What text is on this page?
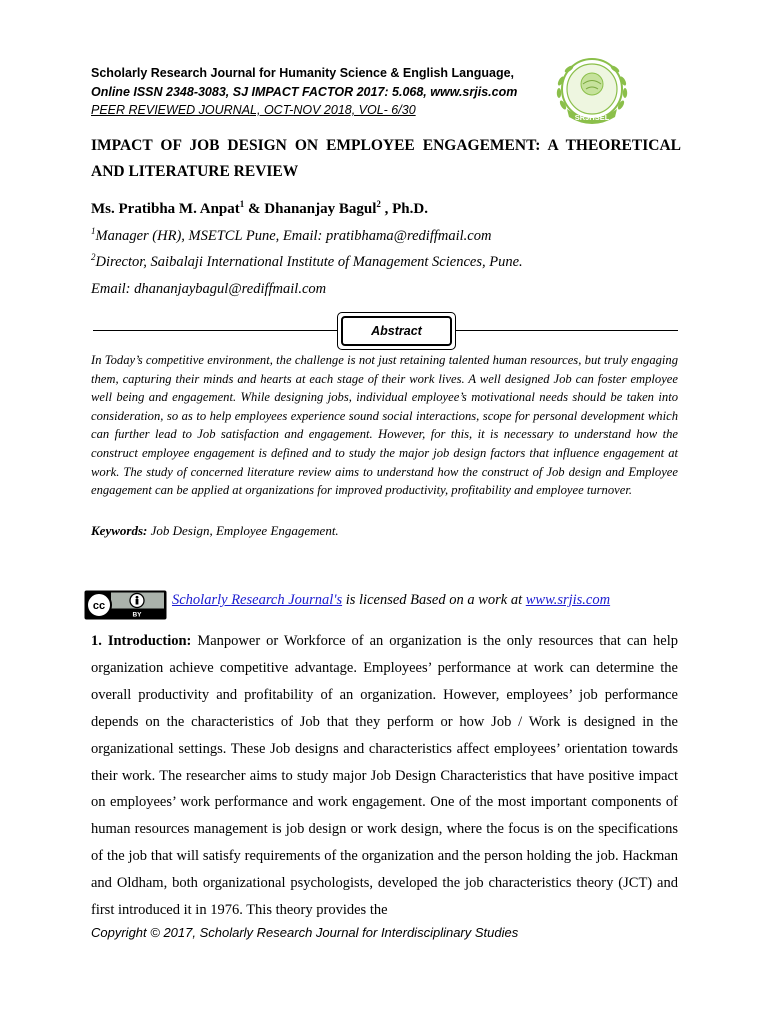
Scholarly Research Journal for Humanity Science & English Language,
Online ISSN 2348-3083, SJ IMPACT FACTOR 2017: 5.068, www.srjis.com
PEER REVIEWED JOURNAL, OCT-NOV 2018, VOL- 6/30
SRJHSEL
IMPACT OF JOB DESIGN ON EMPLOYEE ENGAGEMENT: A THEORETICAL AND LITERATURE REVIEW
Ms. Pratibha M. Anpat$^1$ & Dhananjay Bagul$^2$ , Ph.D.
$^1$Manager (HR), MSETCL Pune, Email: pratibhama@rediffmail.com
$^2$Director, Saibalaji International Institute of Management Sciences, Pune.
Email: dhananjaybagul@rediffmail.com
Abstract
In Today’s competitive environment, the challenge is not just retaining talented human resources, but truly engaging them, capturing their minds and hearts at each stage of their work lives. A well designed Job can foster employee well being and engagement. While designing jobs, individual employee’s motivational needs should be taken into consideration, so as to help employees experience sound social interactions, scope for personal development which can further lead to Job satisfaction and engagement. However, for this, it is necessary to understand how the construct employee engagement is defined and to study the major job design factors that influence engagement at work. The study of concerned literature review aims to understand how the construct of Job design and Employee engagement can be applied at organizations for improved productivity, profitability and employee turnover.
Keywords: Job Design, Employee Engagement.
cc
BY
Scholarly Research Journal's is licensed Based on a work at www.srjis.com
1. Introduction: Manpower or Workforce of an organization is the only resources that can help organization achieve competitive advantage. Employees’ performance at work can determine the overall productivity and profitability of an organization. However, employees’ job performance depends on the characteristics of Job that they perform or how Job / Work is designed in the organizational settings. These Job designs and characteristics affect employees’ orientation towards their work. The researcher aims to study major Job Design Characteristics that have positive impact on employees’ work performance and work engagement. One of the most important components of human resources management is job design or work design, where the focus is on the specifications of the job that will satisfy requirements of the organization and the person holding the job. Hackman and Oldham, both organizational psychologists, developed the job characteristics theory (JCT) and first introduced it in 1976. This theory provides the
Copyright © 2017, Scholarly Research Journal for Interdisciplinary Studies
